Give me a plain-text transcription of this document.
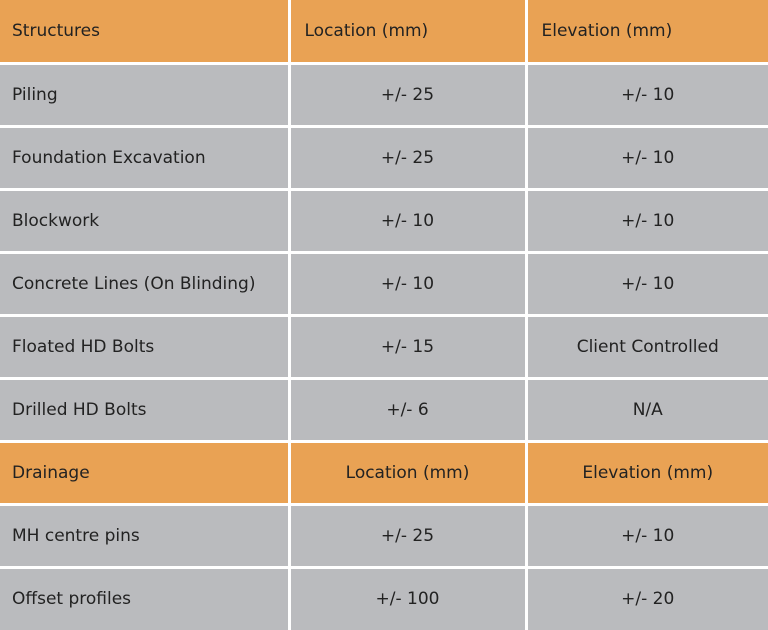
Structures	Location (mm)	Elevation (mm)
Piling	+/- 25	+/- 10
Foundation Excavation	+/- 25	+/- 10
Blockwork	+/- 10	+/- 10
Concrete Lines (On Blinding)	+/- 10	+/- 10
Floated HD Bolts	+/- 15	Client Controlled
Drilled HD Bolts	+/- 6	N/A
Drainage	Location (mm)	Elevation (mm)
MH centre pins	+/- 25	+/- 10
Offset profiles	+/- 100	+/- 20
